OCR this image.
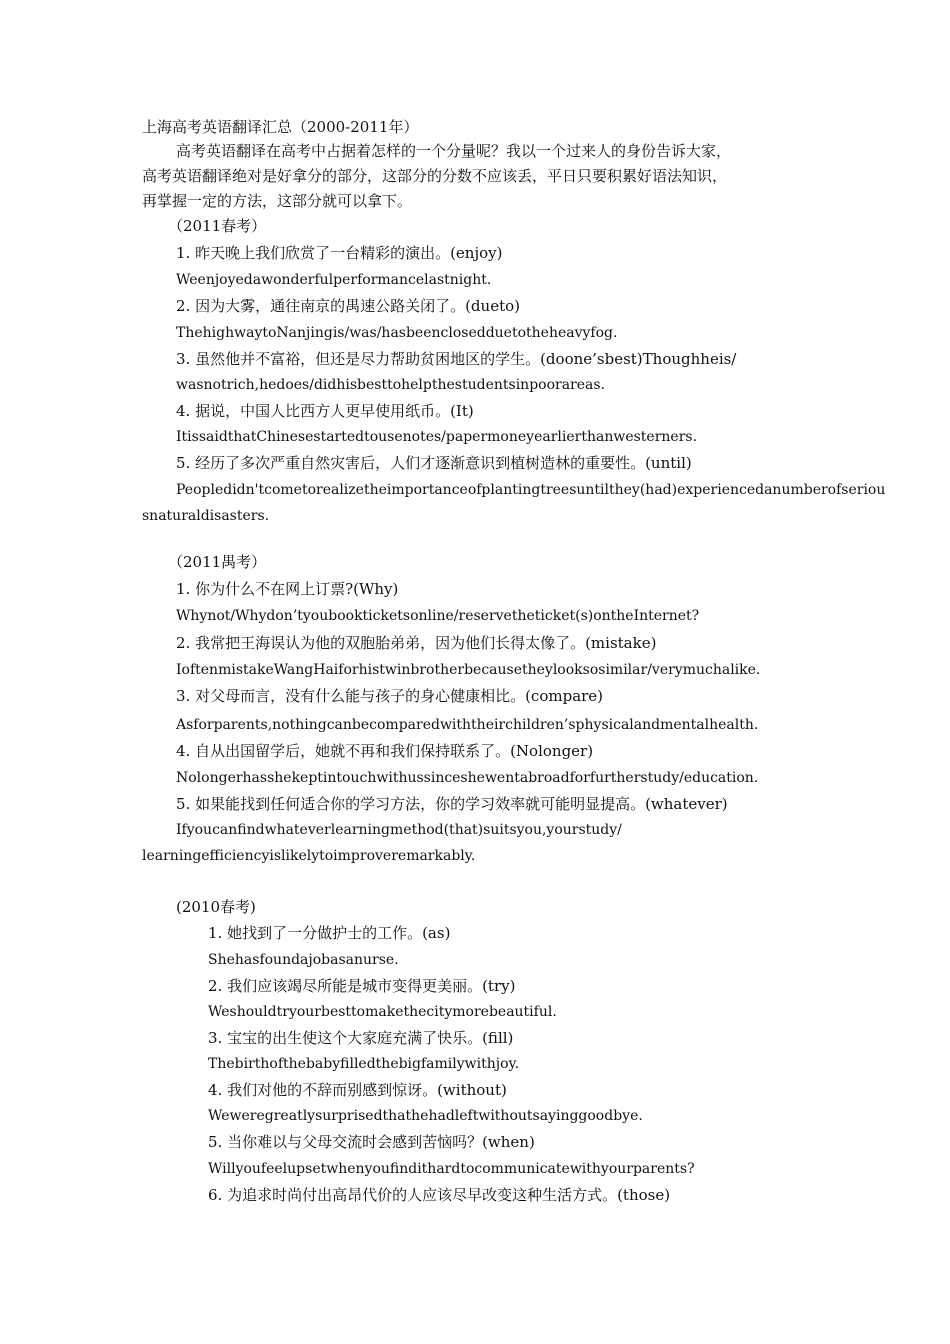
上海高考英语翻译汇总（2000-2011年）
高考英语翻译在高考中占据着怎样的一个分量呢？我以一个过来人的身份告诉大家，
高考英语翻译绝对是好拿分的部分，这部分的分数不应该丢，平日只要积累好语法知识，
再掌握一定的方法，这部分就可以拿下。
（2011春考）
1. 昨天晚上我们欣赏了一台精彩的演出。(enjoy)
Weenjoyedawonderfulperformancelastnight.
2. 因为大雾，通往南京的禺速公路关闭了。(dueto)
ThehighwaytoNanjingis/was/hasbeenclosedduetotheheavyfog.
3. 虽然他并不富裕，但还是尽力帮助贫困地区的学生。(doone’sbest)Thoughheis/
wasnotrich,hedoes/didhisbesttohelpthestudentsinpoorareas.
4. 据说，中国人比西方人更早使用纸币。(It)
ItissaidthatChinesestartedtousenotes/papermoneyearlierthanwesterners.
5. 经历了多次严重自然灾害后，人们才逐渐意识到植树造林的重要性。(until)
Peopledidn'tcometorealizetheimportanceofplantingtreesuntilthey(had)experiencedanumberofseriou
snaturaldisasters.
（2011禺考）
1. 你为什么不在网上订票?(Why)
Whynot/Whydon’tyoubookticketsonline/reservetheticket(s)ontheInternet?
2. 我常把王海误认为他的双胞胎弟弟，因为他们长得太像了。(mistake)
IoftenmistakeWangHaiforhistwinbrotherbecausetheylooksosimilar/verymuchalike.
3. 对父母而言，没有什么能与孩子的身心健康相比。(compare)
Asforparents,nothingcanbecomparedwiththeirchildren’sphysicalandmentalhealth.
4. 自从出国留学后，她就不再和我们保持联系了。(Nolonger)
Nolongerhasshekeptintouchwithussinceshewentabroadforfurtherstudy/education.
5. 如果能找到任何适合你的学习方法，你的学习效率就可能明显提高。(whatever)
Ifyoucanfindwhateverlearningmethod(that)suitsyou,yourstudy/
learningefficiencyislikelytoimproveremarkably.
(2010春考)
1. 她找到了一分做护士的工作。(as)
Shehasfoundajobasanurse.
2. 我们应该竭尽所能是城市变得更美丽。(try)
Weshouldtryourbesttomakethecitymorebeautiful.
3. 宝宝的出生使这个大家庭充满了快乐。(fill)
Thebirthofthebabyfilledthebigfamilywithjoy.
4. 我们对他的不辞而别感到惊讶。(without)
Weweregreatlysurprisedthathehadleftwithoutsayinggoodbye.
5. 当你难以与父母交流时会感到苦恼吗？(when)
Willyoufeelupsetwhenyoufindithardtocommunicatewithyourparents?
6. 为追求时尚付出高昂代价的人应该尽早改变这种生活方式。(those)
